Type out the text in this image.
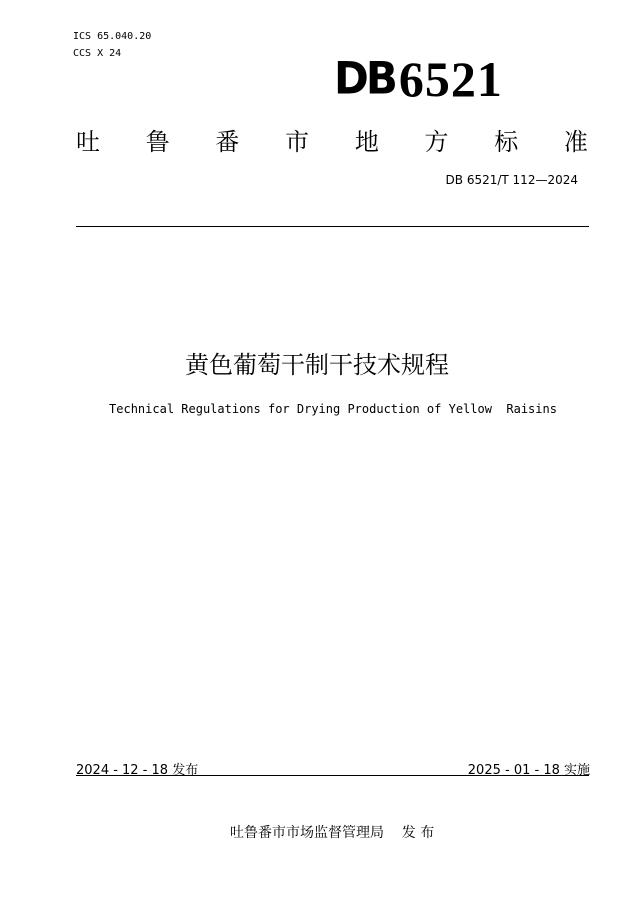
ICS 65.040.20
CCS X 24	DB 6521
吐 鲁 番 市 地 方 标 准
DB 6521/T 112—2024
黄色葡萄干制干技术规程
Technical Regulations for Drying Production of Yellow  Raisins
2024 - 12 - 18 发布	2025 - 01 - 18 实施
吐鲁番市市场监督管理局    发 布
